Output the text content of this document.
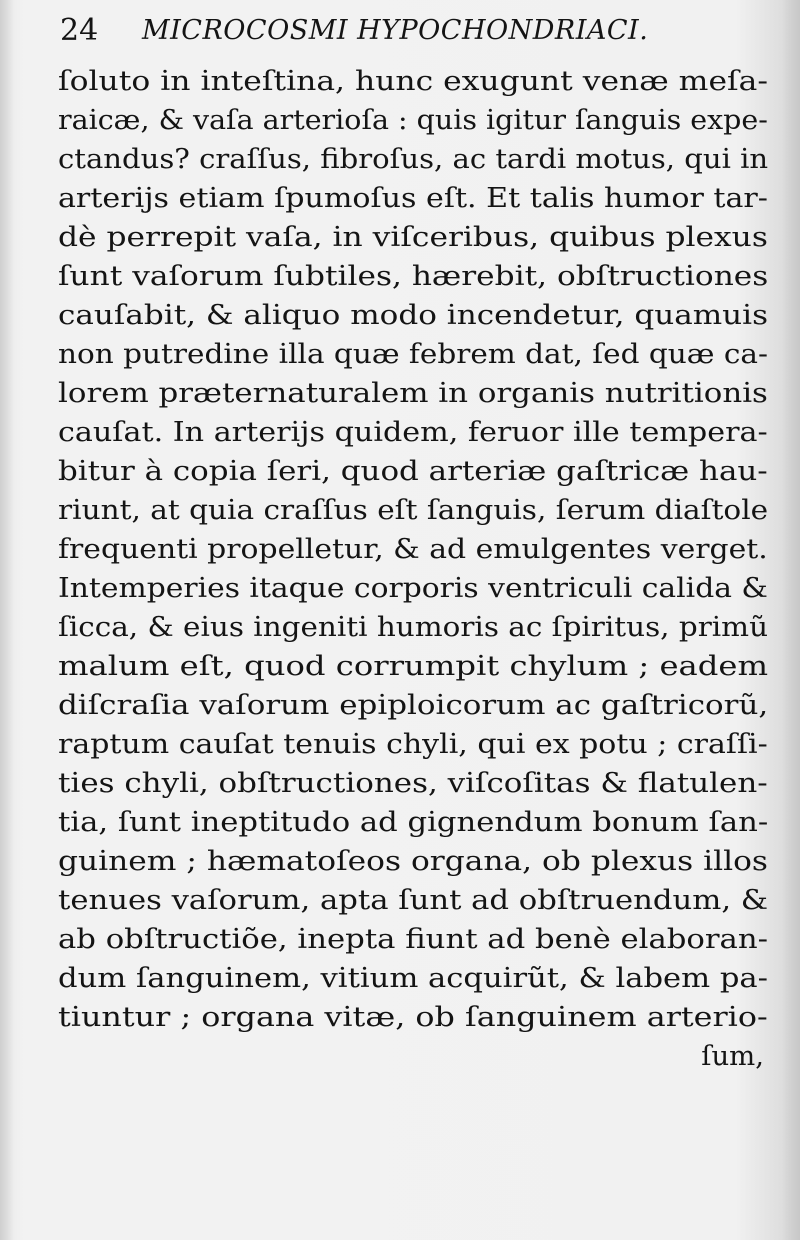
24 MICROCOSMI HYPOCHONDRIACI.
ſoluto in inteſtina, hunc exugunt venæ meſa-
raicæ, & vaſa arterioſa : quis igitur ſanguis expe-
ctandus? craſſus, fibroſus, ac tardi motus, qui in
arterijs etiam ſpumoſus eſt. Et talis humor tar-
dè perrepit vaſa, in viſceribus, quibus plexus
ſunt vaſorum ſubtiles, hærebit, obſtructiones
cauſabit, & aliquo modo incendetur, quamuis
non putredine illa quæ febrem dat, ſed quæ ca-
lorem præternaturalem in organis nutritionis
cauſat. In arterijs quidem, feruor ille tempera-
bitur à copia ſeri, quod arteriæ gaſtricæ hau-
riunt, at quia craſſus eſt ſanguis, ſerum diaſtole
frequenti propelletur, & ad emulgentes verget.
Intemperies itaque corporis ventriculi calida &
ſicca, & eius ingeniti humoris ac ſpiritus, primũ
malum eſt, quod corrumpit chylum ; eadem
diſcraſia vaſorum epiploicorum ac gaſtricorũ,
raptum cauſat tenuis chyli, qui ex potu ; craſſi-
ties chyli, obſtructiones, viſcoſitas & flatulen-
tia, ſunt ineptitudo ad gignendum bonum ſan-
guinem ; hæmatoſeos organa, ob plexus illos
tenues vaſorum, apta ſunt ad obſtruendum, &
ab obſtructiõe, inepta fiunt ad benè elaboran-
dum ſanguinem, vitium acquirũt, & labem pa-
tiuntur ; organa vitæ, ob ſanguinem arterio-
ſum,
